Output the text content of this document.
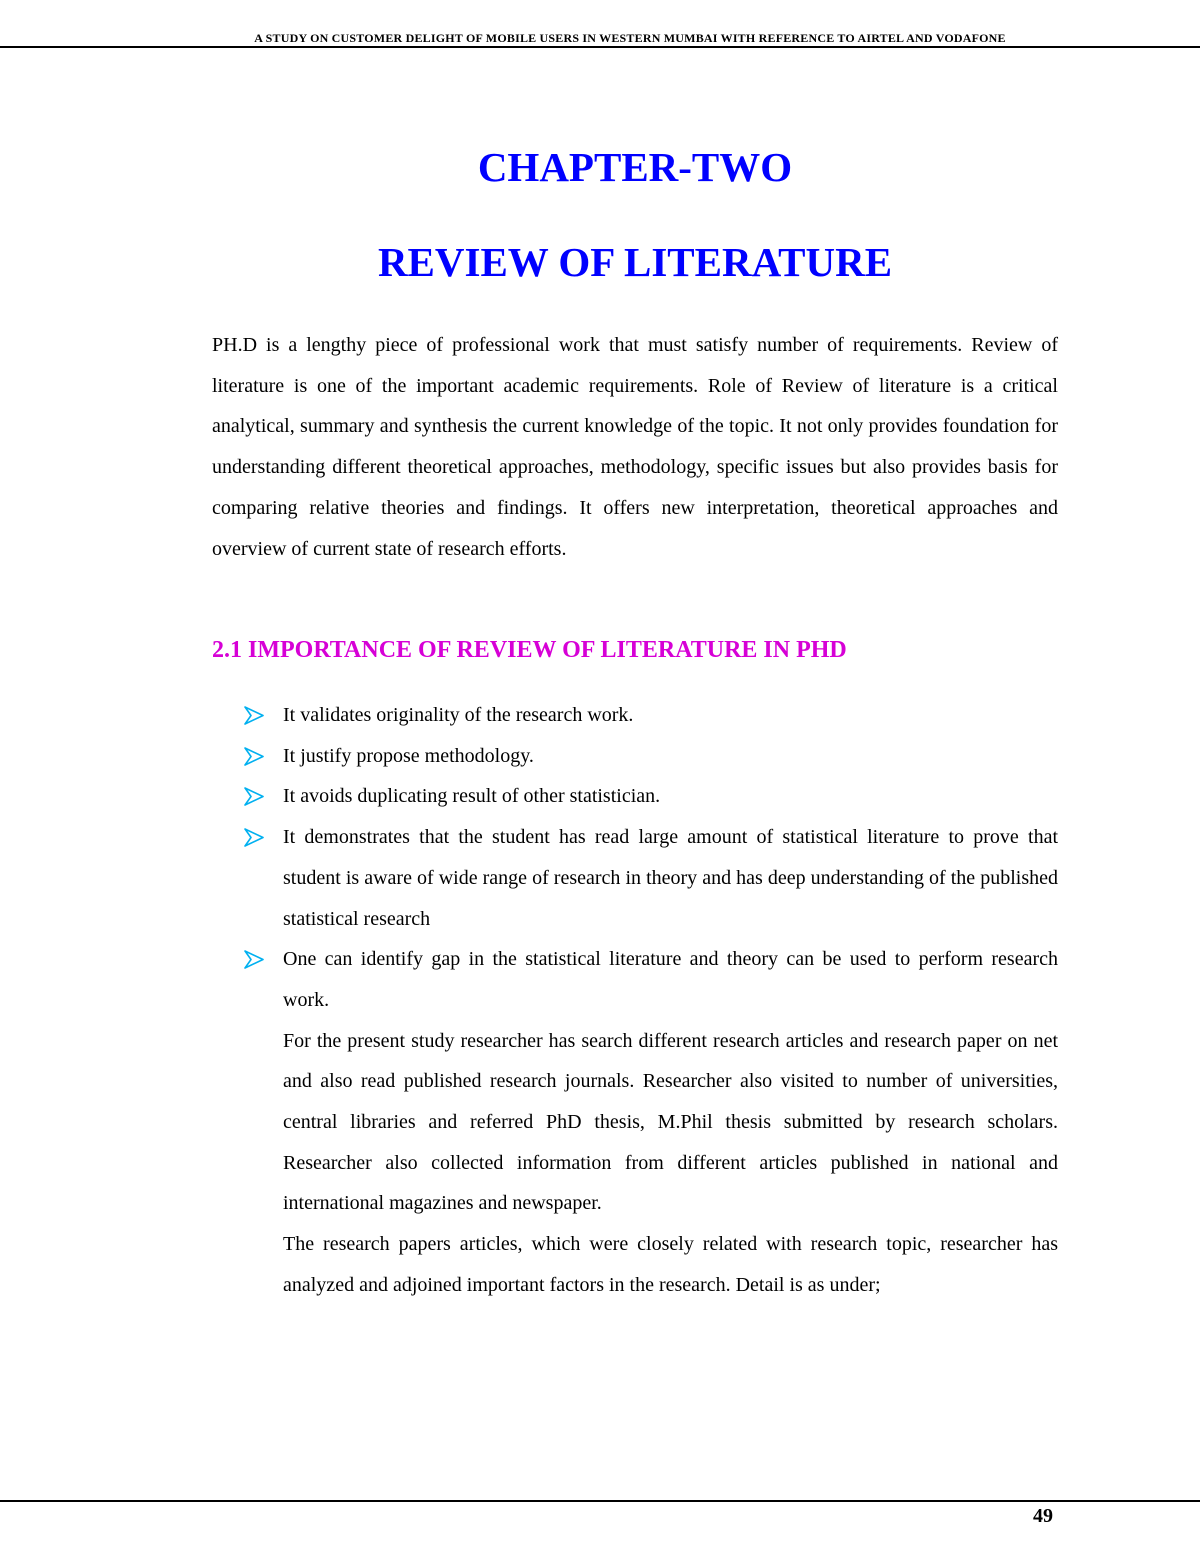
A STUDY ON CUSTOMER DELIGHT OF MOBILE USERS IN WESTERN MUMBAI WITH REFERENCE TO AIRTEL AND VODAFONE
CHAPTER-TWO
REVIEW OF LITERATURE

PH.D is a lengthy piece of professional work that must satisfy number of requirements. Review of literature is one of the important academic requirements. Role of Review of literature is a critical analytical, summary and synthesis the current knowledge of the topic. It not only provides foundation for understanding different theoretical approaches, methodology, specific issues but also provides basis for comparing relative theories and findings. It offers new interpretation, theoretical approaches and overview of current state of research efforts.

2.1 IMPORTANCE OF REVIEW OF LITERATURE IN PHD
It validates originality of the research work.
It justify propose methodology.
It avoids duplicating result of other statistician.
It demonstrates that the student has read large amount of statistical literature to prove that student is aware of wide range of research in theory and has deep understanding of the published statistical research
One can identify gap in the statistical literature and theory can be used to perform research work.

For the present study researcher has search different research articles and research paper on net and also read published research journals. Researcher also visited to number of universities, central libraries and referred PhD thesis, M.Phil thesis submitted by research scholars. Researcher also collected information from different articles published in national and international magazines and newspaper.

The research papers articles, which were closely related with research topic, researcher has analyzed and adjoined important factors in the research. Detail is as under;

49
